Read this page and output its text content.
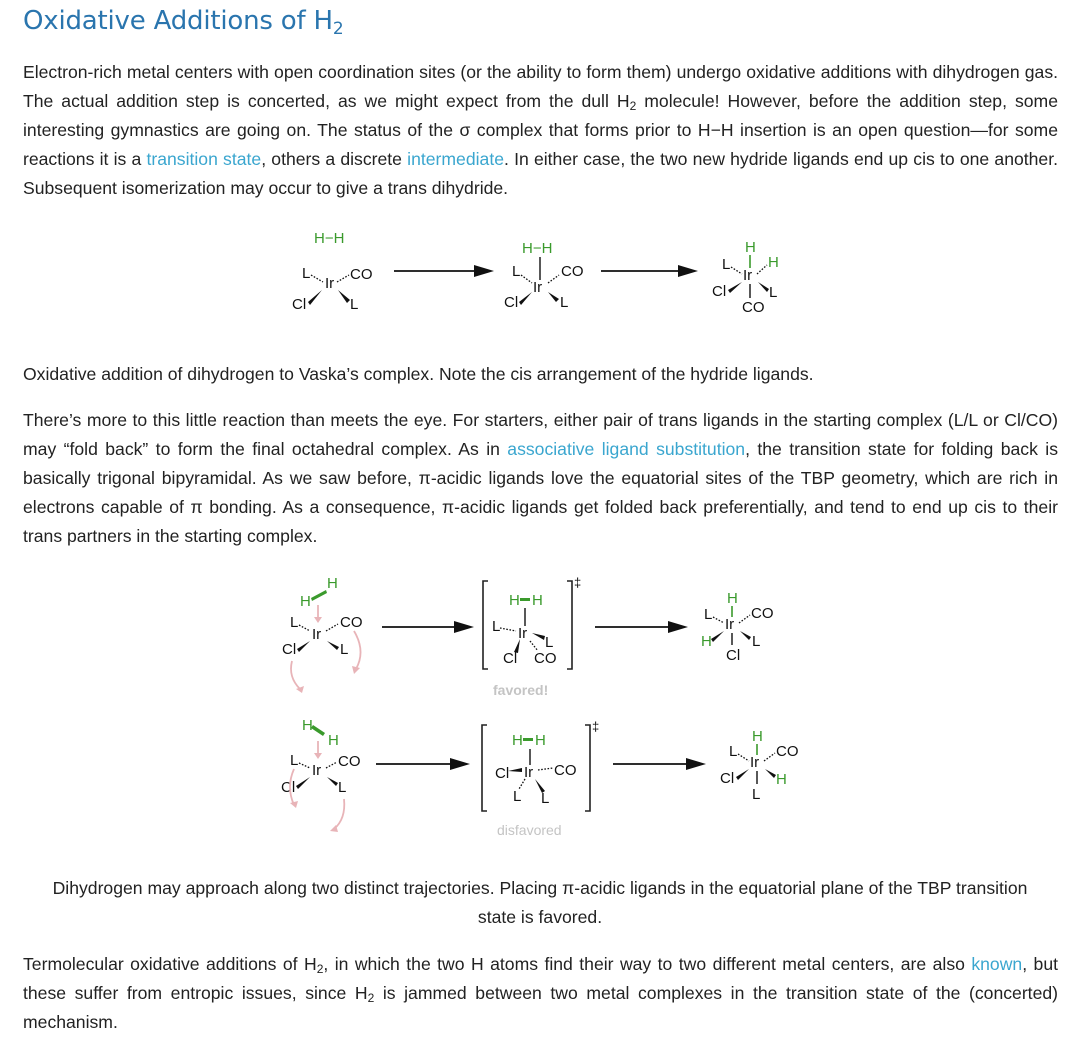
Oxidative Additions of $H_2$

Electron-rich metal centers with open coordination sites (or the ability to form them) undergo oxidative additions with dihydrogen gas. The actual addition step is concerted, as we might expect from the dull $H_2$ molecule! However, before the addition step, some interesting gymnastics are going on. The status of the σ complex that forms prior to H−H insertion is an open question—for some reactions it is a transition state, others a discrete intermediate. In either case, the two new hydride ligands end up cis to one another. Subsequent isomerization may occur to give a trans dihydride.

H−H
Ir
L	CO
Cl	L
H−H
Ir
L	CO
Cl	L
H
Ir
L	H
Cl	L
CO

Oxidative addition of dihydrogen to Vaska’s complex. Note the cis arrangement of the hydride ligands.

There’s more to this little reaction than meets the eye. For starters, either pair of trans ligands in the starting complex (L/L or Cl/CO) may “fold back” to form the final octahedral complex. As in associative ligand substitution, the transition state for folding back is basically trigonal bipyramidal. As we saw before, π-acidic ligands love the equatorial sites of the TBP geometry, which are rich in electrons capable of π bonding. As a consequence, π-acidic ligands get folded back preferentially, and tend to end up cis to their trans partners in the starting complex.

H
H
Ir
L	CO
Cl	L
‡
H H
Ir
L
L
Cl CO
favored!
H
Ir
L	CO
H	L
Cl
H
H
Ir
L	CO
Cl	L
‡
H H
Ir
Cl	CO
L L
disfavored
H
Ir
L	CO
Cl	H
L

Dihydrogen may approach along two distinct trajectories. Placing π-acidic ligands in the equatorial plane of the TBP transition state is favored.

Termolecular oxidative additions of $H_2$, in which the two H atoms find their way to two different metal centers, are also known, but these suffer from entropic issues, since $H_2$ is jammed between two metal complexes in the transition state of the (concerted) mechanism.
